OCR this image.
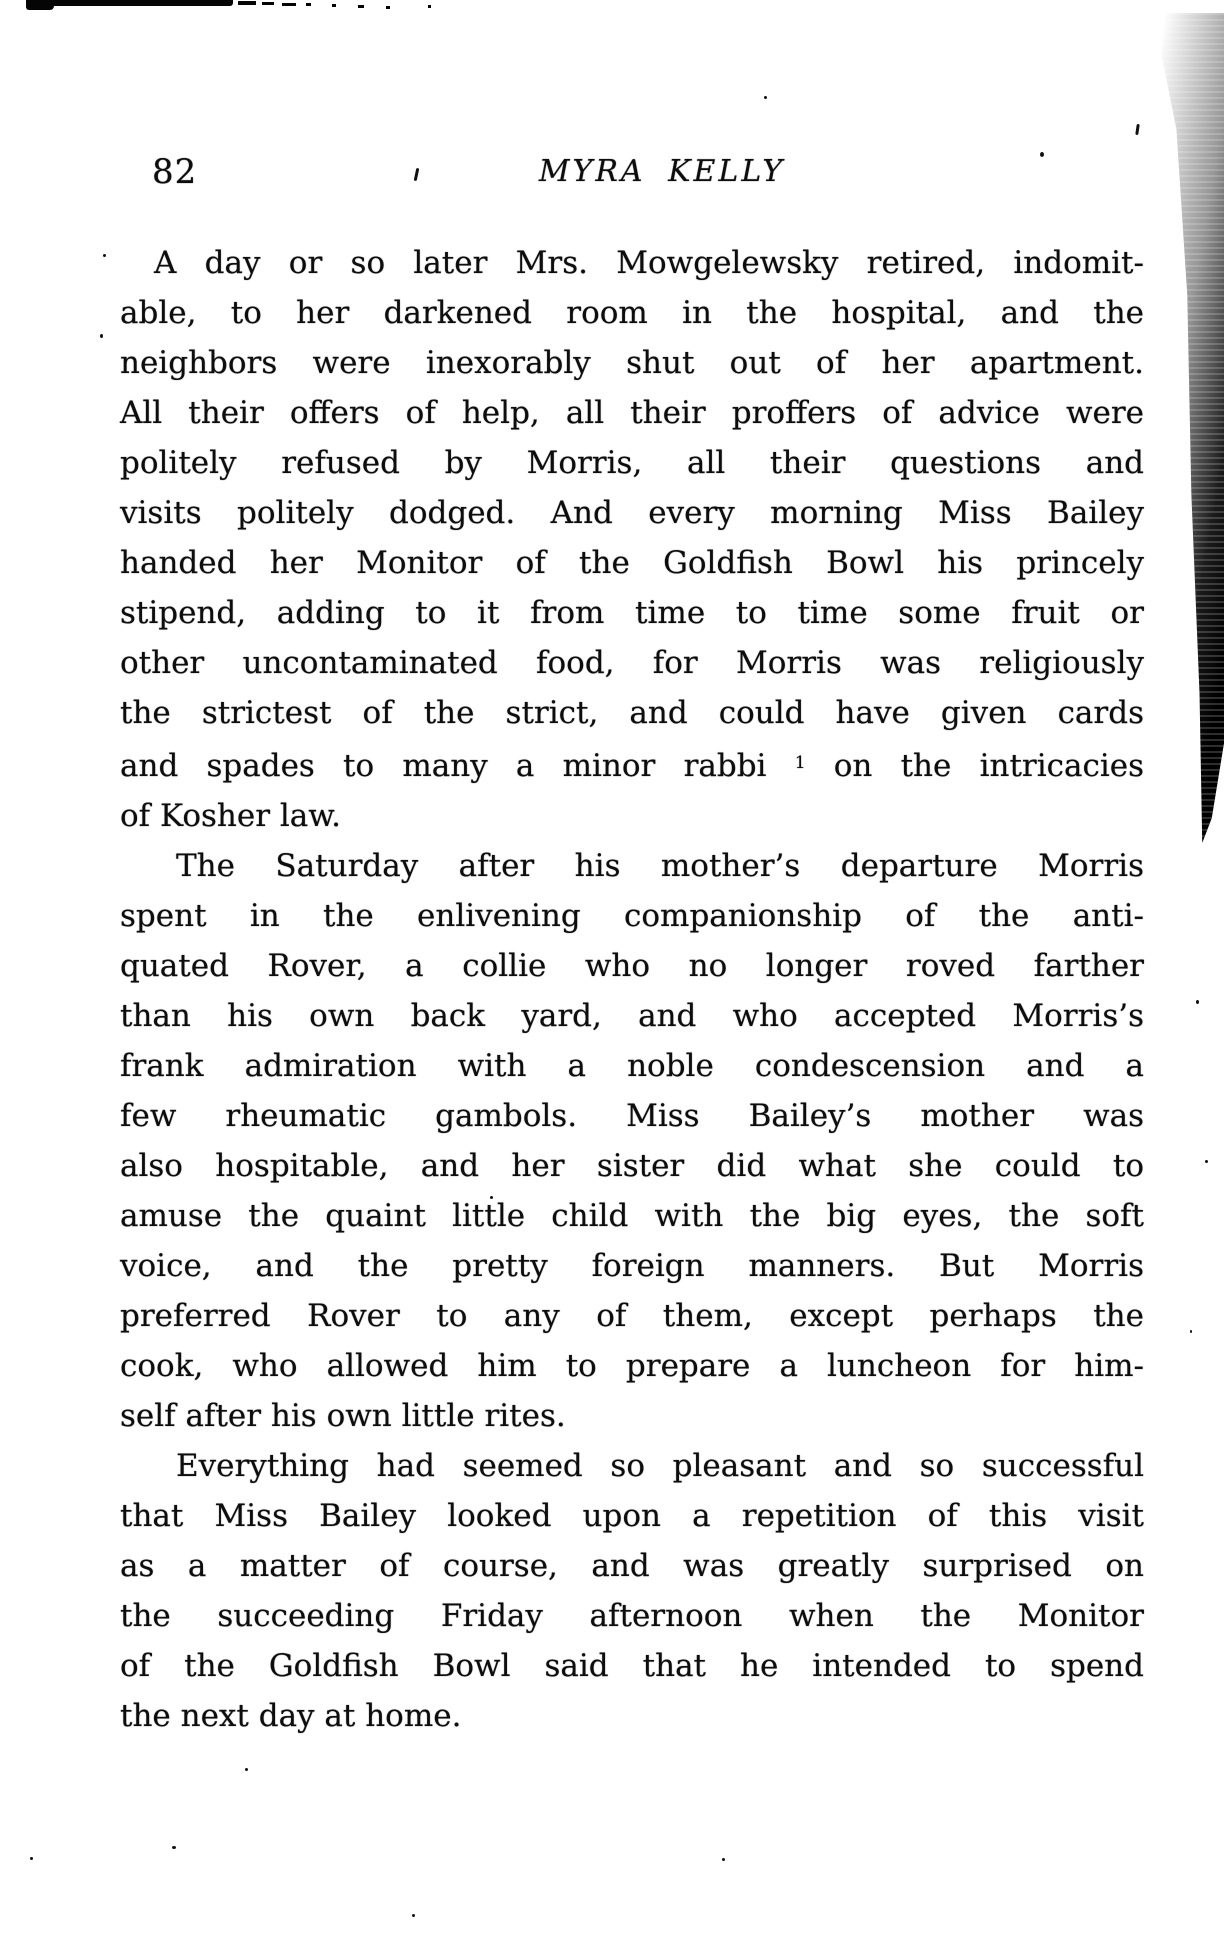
82	MYRA KELLY
A day or so later Mrs. Mowgelewsky retired, indomit-
able, to her darkened room in the hospital, and the
neighbors were inexorably shut out of her apartment.
All their offers of help, all their proffers of advice were
politely refused by Morris, all their questions and
visits politely dodged. And every morning Miss Bailey
handed her Monitor of the Goldfish Bowl his princely
stipend, adding to it from time to time some fruit or
other uncontaminated food, for Morris was religiously
the strictest of the strict, and could have given cards
and spades to many a minor rabbi $^1$ on the intricacies
of Kosher law.
The Saturday after his mother’s departure Morris
spent in the enlivening companionship of the anti-
quated Rover, a collie who no longer roved farther
than his own back yard, and who accepted Morris’s
frank admiration with a noble condescension and a
few rheumatic gambols. Miss Bailey’s mother was
also hospitable, and her sister did what she could to
amuse the quaint little child with the big eyes, the soft
voice, and the pretty foreign manners. But Morris
preferred Rover to any of them, except perhaps the
cook, who allowed him to prepare a luncheon for him-
self after his own little rites.
Everything had seemed so pleasant and so successful
that Miss Bailey looked upon a repetition of this visit
as a matter of course, and was greatly surprised on
the succeeding Friday afternoon when the Monitor
of the Goldfish Bowl said that he intended to spend
the next day at home.
